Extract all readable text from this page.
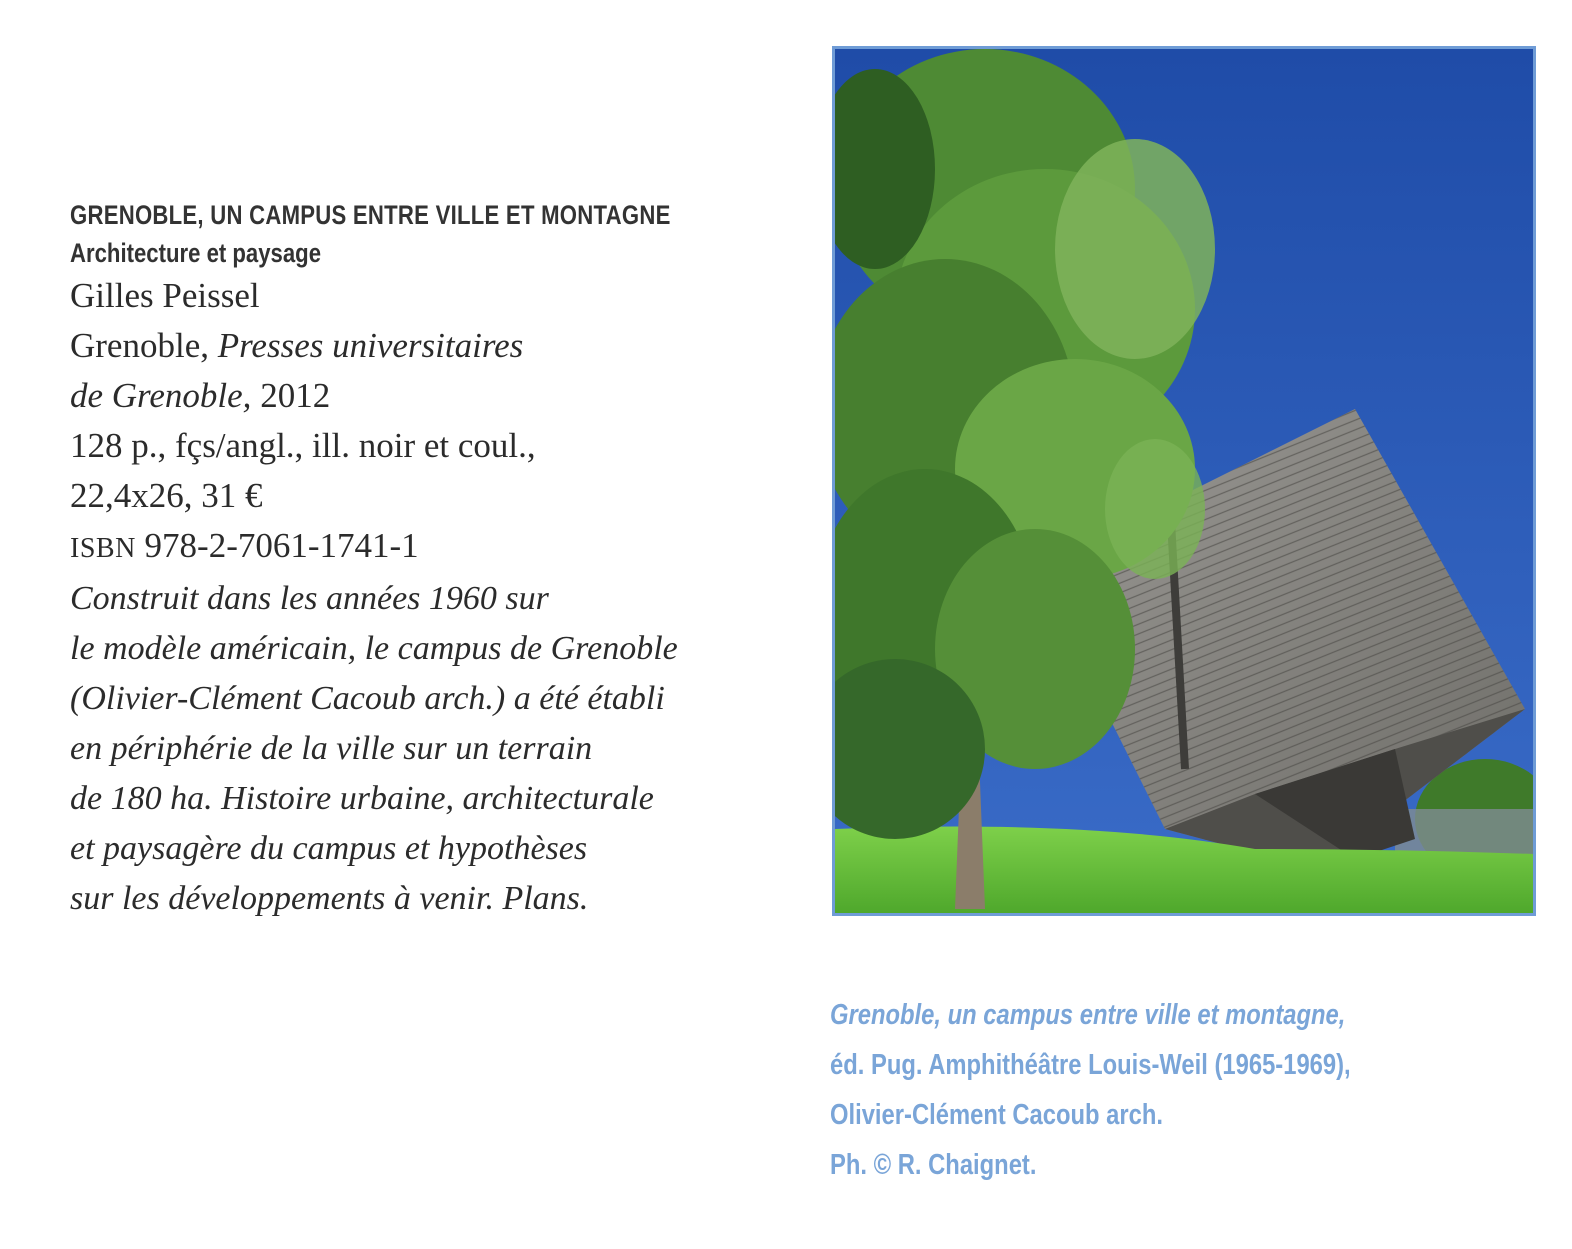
GRENOBLE, UN CAMPUS ENTRE VILLE ET MONTAGNE

Architecture et paysage

Gilles Peissel
Grenoble, Presses universitaires
de Grenoble, 2012
128 p., fçs/angl., ill. noir et coul.,
22,4x26, 31 €
ISBN 978-2-7061-1741-1
Construit dans les années 1960 sur
le modèle américain, le campus de Grenoble
(Olivier-Clément Cacoub arch.) a été établi
en périphérie de la ville sur un terrain
de 180 ha. Histoire urbaine, architecturale
et paysagère du campus et hypothèses
sur les développements à venir. Plans.
Grenoble, un campus entre ville et montagne,
éd. Pug. Amphithéâtre Louis-Weil (1965-1969),
Olivier-Clément Cacoub arch.
Ph. © R. Chaignet.
